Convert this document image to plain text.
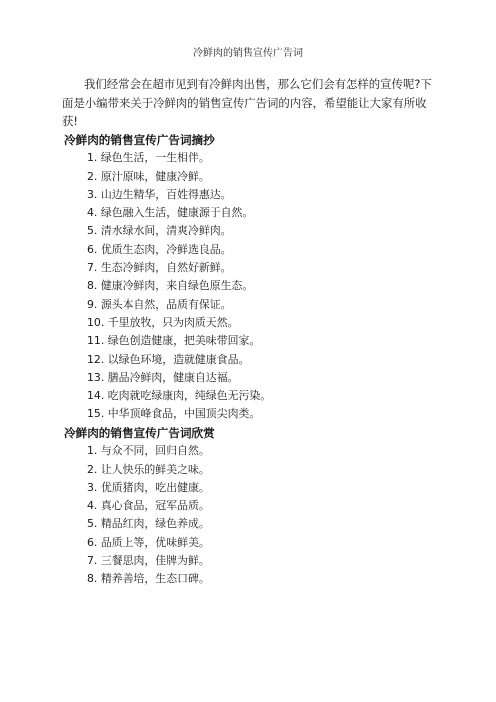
冷鲜肉的销售宣传广告词
我们经常会在超市见到有冷鲜肉出售，那么它们会有怎样的宣传呢?下面是小编带来关于冷鲜肉的销售宣传广告词的内容，希望能让大家有所收获!
冷鲜肉的销售宣传广告词摘抄
1. 绿色生活，一生相伴。
2. 原汁原味，健康冷鲜。
3. 山边生精华，百姓得惠达。
4. 绿色融入生活，健康源于自然。
5. 清水绿水间，清爽冷鲜肉。
6. 优质生态肉，冷鲜选良品。
7. 生态冷鲜肉，自然好新鲜。
8. 健康冷鲜肉，来自绿色原生态。
9. 源头本自然，品质有保证。
10. 千里放牧，只为肉质天然。
11. 绿色创造健康，把美味带回家。
12. 以绿色环境，造就健康食品。
13. 膳品冷鲜肉，健康自达福。
14. 吃肉就吃绿康肉，纯绿色无污染。
15. 中华顶峰食品，中国顶尖肉类。
冷鲜肉的销售宣传广告词欣赏
1. 与众不同，回归自然。
2. 让人快乐的鲜美之味。
3. 优质猪肉，吃出健康。
4. 真心食品，冠军品质。
5. 精品红肉，绿色养成。
6. 品质上等，优味鲜美。
7. 三餐思肉，佳牌为鲜。
8. 精养善培，生态口碑。
